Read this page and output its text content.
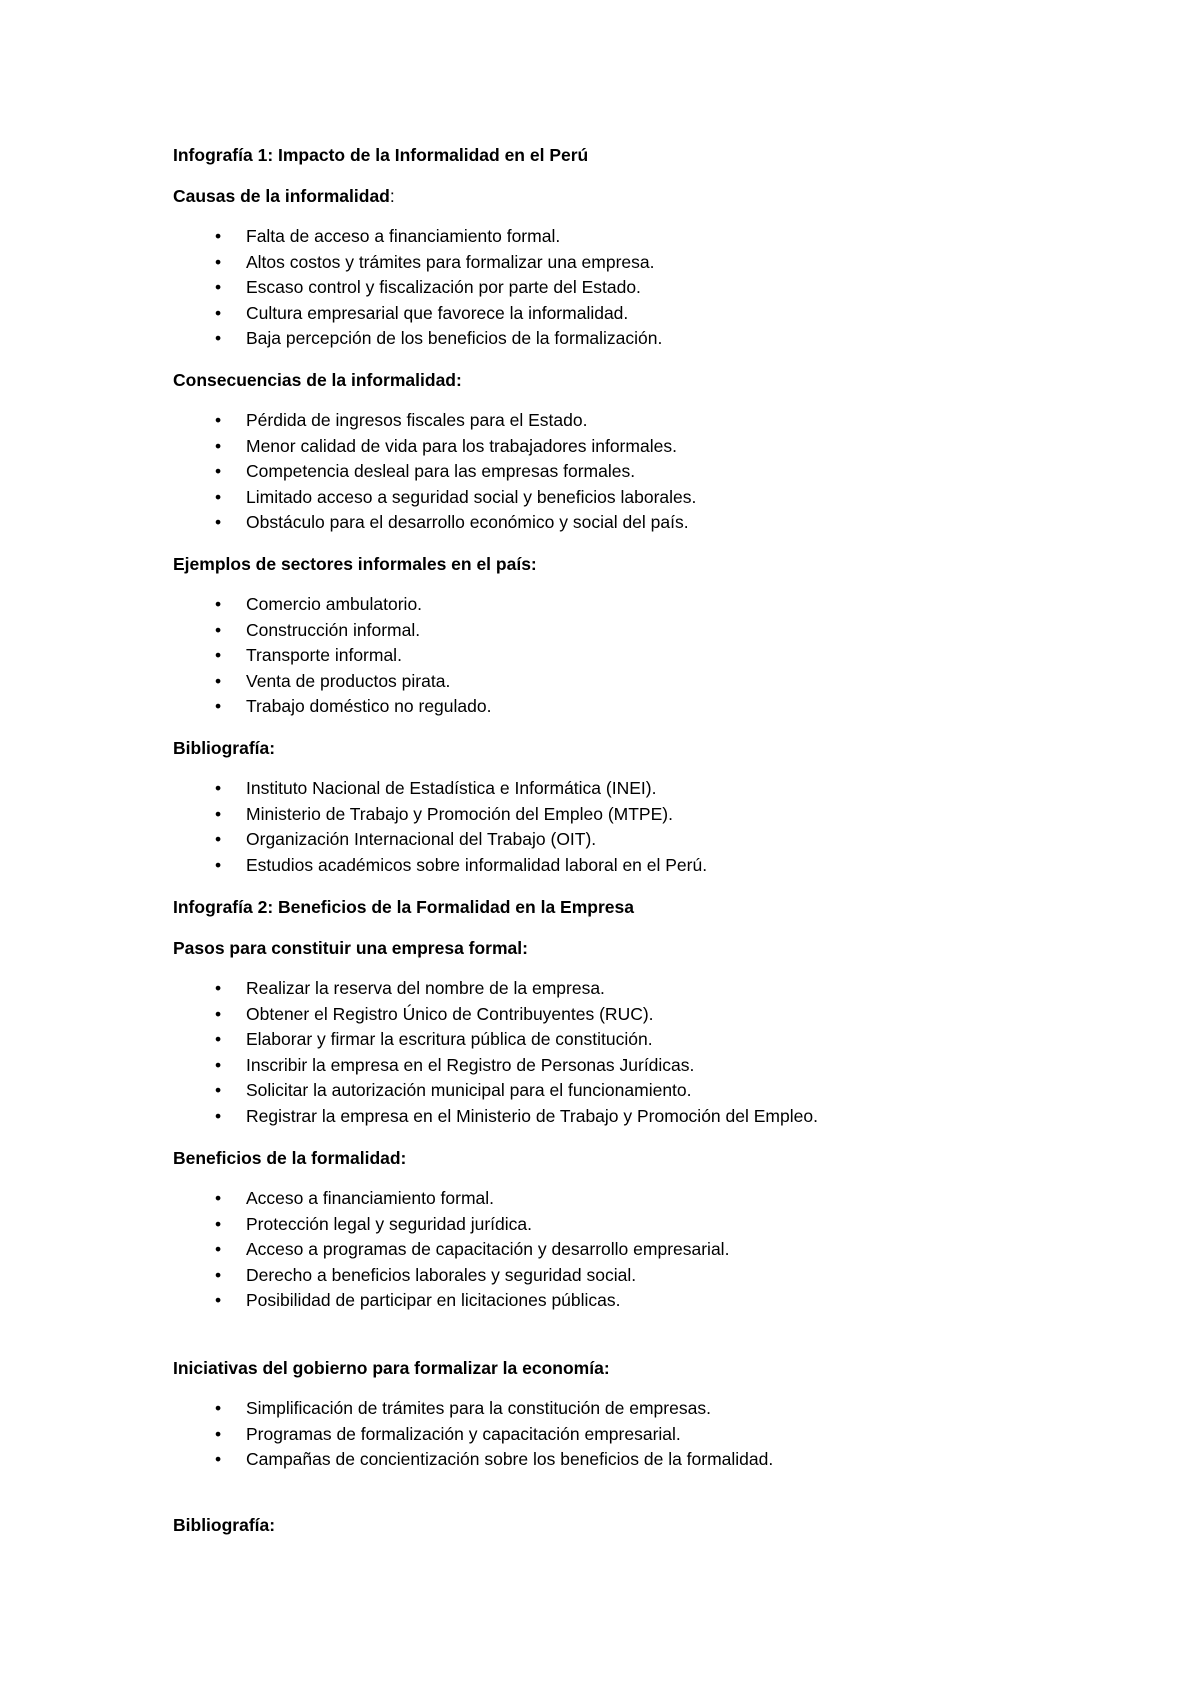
Infografía 1: Impacto de la Informalidad en el Perú

Causas de la informalidad:

• Falta de acceso a financiamiento formal.
• Altos costos y trámites para formalizar una empresa.
• Escaso control y fiscalización por parte del Estado.
• Cultura empresarial que favorece la informalidad.
• Baja percepción de los beneficios de la formalización.

Consecuencias de la informalidad:

• Pérdida de ingresos fiscales para el Estado.
• Menor calidad de vida para los trabajadores informales.
• Competencia desleal para las empresas formales.
• Limitado acceso a seguridad social y beneficios laborales.
• Obstáculo para el desarrollo económico y social del país.

Ejemplos de sectores informales en el país:

• Comercio ambulatorio.
• Construcción informal.
• Transporte informal.
• Venta de productos pirata.
• Trabajo doméstico no regulado.

Bibliografía:

• Instituto Nacional de Estadística e Informática (INEI).
• Ministerio de Trabajo y Promoción del Empleo (MTPE).
• Organización Internacional del Trabajo (OIT).
• Estudios académicos sobre informalidad laboral en el Perú.

Infografía 2: Beneficios de la Formalidad en la Empresa

Pasos para constituir una empresa formal:

• Realizar la reserva del nombre de la empresa.
• Obtener el Registro Único de Contribuyentes (RUC).
• Elaborar y firmar la escritura pública de constitución.
• Inscribir la empresa en el Registro de Personas Jurídicas.
• Solicitar la autorización municipal para el funcionamiento.
• Registrar la empresa en el Ministerio de Trabajo y Promoción del Empleo.

Beneficios de la formalidad:

• Acceso a financiamiento formal.
• Protección legal y seguridad jurídica.
• Acceso a programas de capacitación y desarrollo empresarial.
• Derecho a beneficios laborales y seguridad social.
• Posibilidad de participar en licitaciones públicas.

Iniciativas del gobierno para formalizar la economía:

• Simplificación de trámites para la constitución de empresas.
• Programas de formalización y capacitación empresarial.
• Campañas de concientización sobre los beneficios de la formalidad.

Bibliografía:
